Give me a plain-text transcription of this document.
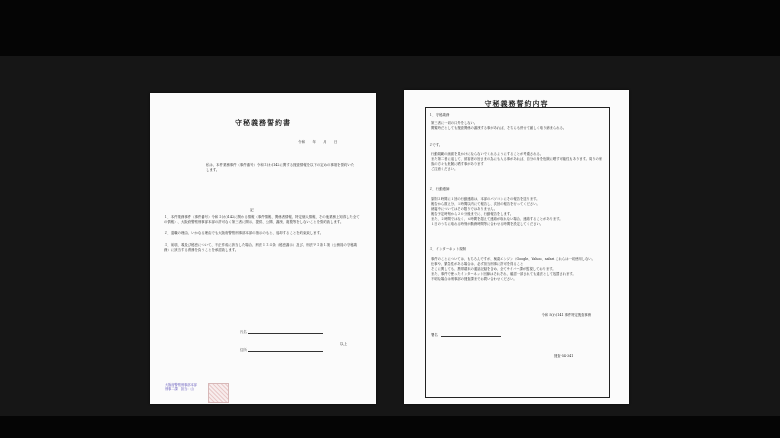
守秘義務誓約書
令和　　年　　月　　日
私は、本件業務事件（事件番号）令和３(わ)142に関する捜査情報を以下の定めの事項を誓約いたします。
記
１．本件業務事件（事件番号）令和３(わ)142に関わる情報（事件情報、関係者情報、特定個人情報、その他業務上知得した全ての情報）、大阪府警察刑事部本部の許可なく第三者に開示、提供、公開、漏洩、複製等をしないことを誓約致します。
２．退職の理由、いかなる理由でも大阪府警察刑事部本部の指示のもと、返却することを約束致します。
３．前項、義及び秘密について、不正作成に該当した場合、刑法１３４条（秘密漏示）及び、刑法９３条１項（公務員の守秘義務）に該当する責務を負うことを承認致します。
以上
大阪府警察刑事部本部
刑事二課　担当：山
氏名
住所
守秘義務誓約内容
１．守秘義務
第三者に一切の口外をしない。
閲覧時だとしても捜査関係の漏洩する事があれば、そちらも併せて厳しく取り締まられる。
２です。
行動規範の画面を見かけにならないでくれるようにすることが考慮される。
また第二者に返して、被害者の皆さまの為にも入る事があれば、自分の身を危険に晒す可能性もあります。周りの家族の方々も危険に晒す事があります
ご注意ください。
２．行動遵師
原則２時間に１回の行動連絡は、本部のパソコンにその報告を送ります。
報告から数え分、１時間以内にて報告し、次回の報告を行ってください。
就寝中についてはその限りではありません。
報告予定時刻から２０分後までに、行動報告をします。
また、２時間ではなく、６時間を超えて連絡が取れない場合、連絡することがあります。
１日のうちに取れる時刻が勤務時間等に合わせる時間を設定してください。
３．インターネット規制
事件のことについては、もちろんですが、検索エンジン（Google、Yahoo、safari これらは一切使用しない。
仕事や、緊急性がある場合は、必ず担当刑事に許可を得ること
そこに関しても、携帯端末の通話記録を含め、全てサイバー課が監視しております。
また、事件で使ったインターネット回線はそれぞれ、確認一部されても違法として処罰されます。
不明な場合は刑事部の捜査課までお問い合わせください。
令和 5(わ)141 事件特定捜査事務
署名
捜査-54-341
